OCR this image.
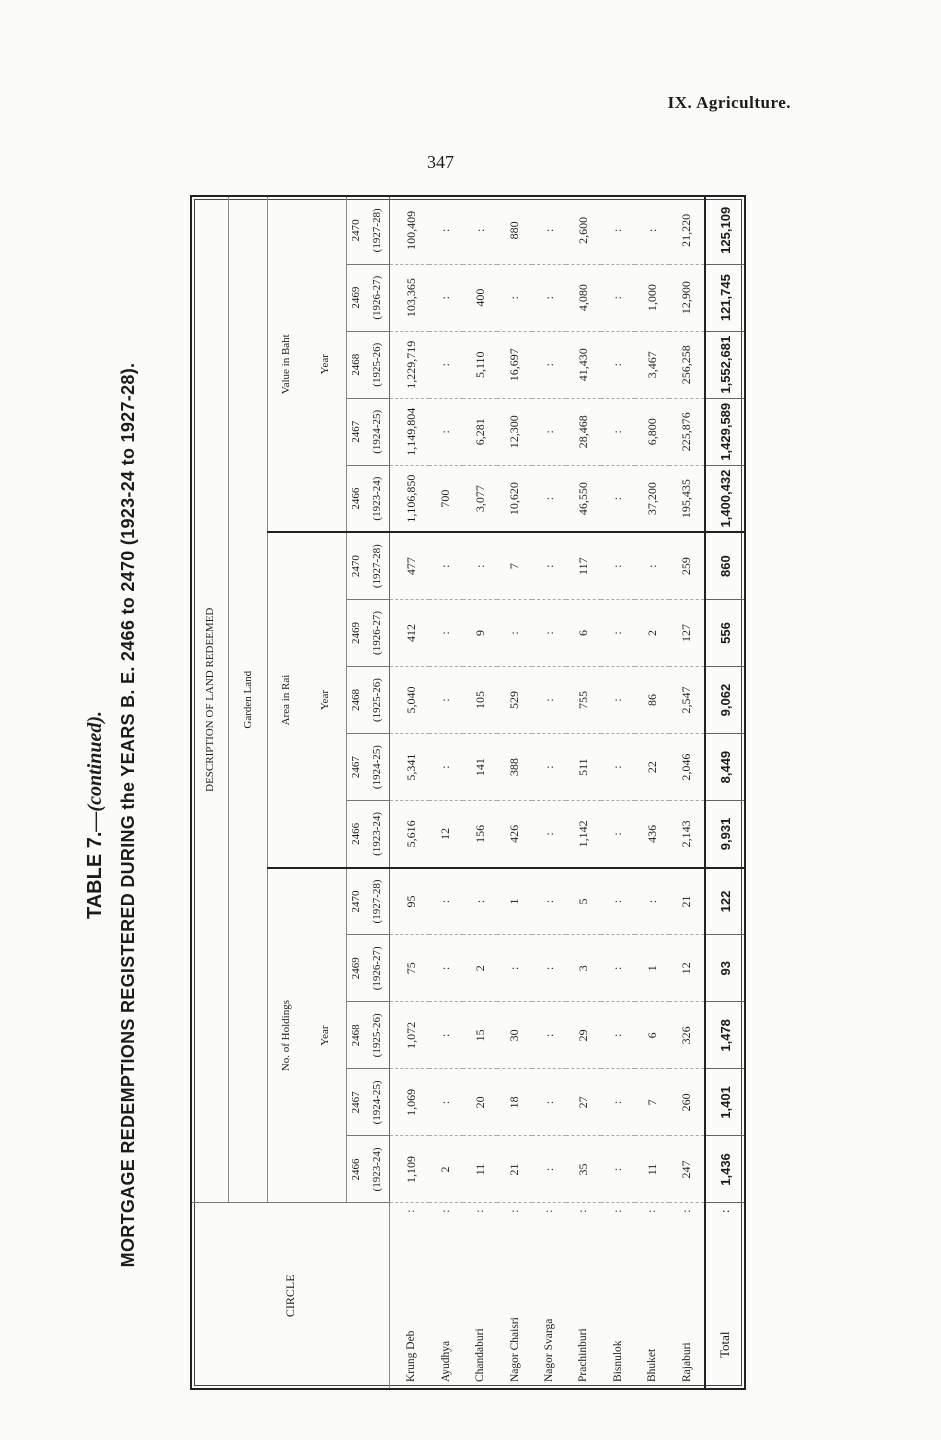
IX. Agriculture.
347
TABLE 7.—(continued). MORTGAGE REDEMPTIONS REGISTERED DURING the YEARS B. E. 2466 to 2470 (1923-24 to 1927-28).
CIRCLE	DESCRIPTION OF LAND REDEEMED														
	Garden Land														
	No. of Holdings					Area in Rai					Value in Baht				
	Year					Year					Year				
	2466	2467	2468	2469	2470	2466	2467	2468	2469	2470	2466	2467	2468	2469	2470
	(1923-24)	(1924-25)	(1925-26)	(1926-27)	(1927-28)	(1923-24)	(1924-25)	(1925-26)	(1926-27)	(1927-28)	(1923-24)	(1924-25)	(1925-26)	(1926-27)	(1927-28)
Krung Deb :	1,109	1,069	1,072	75	95	5,616	5,341	5,040	412	477	1,106,850	1,149,804	1,229,719	103,365	100,409
Ayudhya :	2	:	:	:	:	12	:	:	:	:	700	:	:	:	:
Chandaburi :	11	20	15	2	:	156	141	105	9	:	3,077	6,281	5,110	400	:
Nagor Chaisri :	21	18	30	:	1	426	388	529	:	7	10,620	12,300	16,697	:	880
Nagor Svarga :	:	:	:	:	:	:	:	:	:	:	:	:	:	:	:
Prachinburi :	35	27	29	3	5	1,142	511	755	6	117	46,550	28,468	41,430	4,080	2,600
Bisnulok :	:	:	:	:	:	:	:	:	:	:	:	:	:	:	:
Bhuket :	11	7	6	1	:	436	22	86	2	:	37,200	6,800	3,467	1,000	:
Rajaburi :	247	260	326	12	21	2,143	2,046	2,547	127	259	195,435	225,876	256,258	12,900	21,220
Total :	1,436	1,401	1,478	93	122	9,931	8,449	9,062	556	860	1,400,432	1,429,589	1,552,681	121,745	125,109
